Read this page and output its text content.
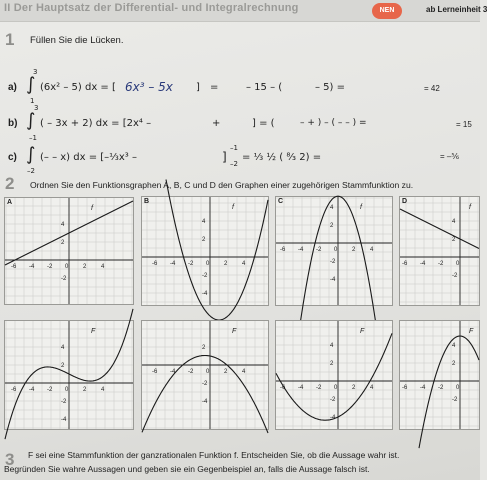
II Der Hauptsatz der Differential- und Integralrechnung	NEN	ab Lerneinheit 3
1 Füllen Sie die Lücken.
a) ∫
3
1
(6x² – 5) dx = [ 6x³ – 5x ] =	– 15 – (	– 5) =	= 42
b) ∫
3
–1
( – 3x + 2) dx = [2x⁴ –	+	] = (	– + ) – ( – – ) =	= 15
c) ∫
–2
(– – x) dx = [–⅓x³ –	]
–1
–2
= ⅓ ½ ( ⁸⁄₃ 2) =	= –⅚
2 Ordnen Sie den Funktionsgraphen A, B, C und D den Graphen einer zugehörigen Stammfunktion zu.
A
-6 -4 -2 0 2 4
4
2
-2
f
B
-6 -4 -2 0 2 4
4
2
-2
-4
f
C
-6 -4 -2 0 2 4
4
2
-2
-4
f
D
-6 -4 -2 0
4
2
-2
f
-6 -4 -2 0 2 4
4
2
-2
-4
F
-6 -4 -2 0 2 4
2
-2
-4
F
-6 -4 -2 0 2 4
4
2
-2
-4
F
-6 -4 -2 0
4
2
-2
F
3 F sei eine Stammfunktion der ganzrationalen Funktion f. Entscheiden Sie, ob die Aussage wahr ist.
Begründen Sie wahre Aussagen und geben sie ein Gegenbeispiel an, falls die Aussage falsch ist.
